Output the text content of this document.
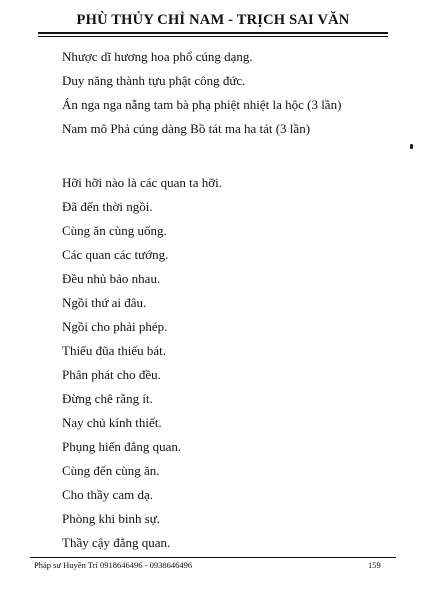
PHÙ THỦY CHỈ NAM - TRỊCH SAI VĂN
Nhược dĩ hương hoa phổ cúng dạng.
Duy năng thành tựu phật công đức.
Án nga nga nẵng tam bà phạ phiệt nhiệt la hộc (3 lần)
Nam mô Phả cúng dàng Bồ tát ma ha tát (3 lần)
Hỡi hỡi nào là các quan ta hỡi.
Đã đến thời ngồi.
Cùng ăn cùng uống.
Các quan các tướng.
Đều nhủ bảo nhau.
Ngồi thứ ai đâu.
Ngồi cho phải phép.
Thiếu đũa thiếu bát.
Phân phát cho đều.
Đừng chê rằng ít.
Nay chủ kính thiết.
Phụng hiến đẳng quan.
Cùng đến cùng ăn.
Cho thầy cam dạ.
Phòng khi binh sự.
Thầy cậy đẳng quan.
Pháp sư Huyền Trí 0918646496 - 0938646496	159
